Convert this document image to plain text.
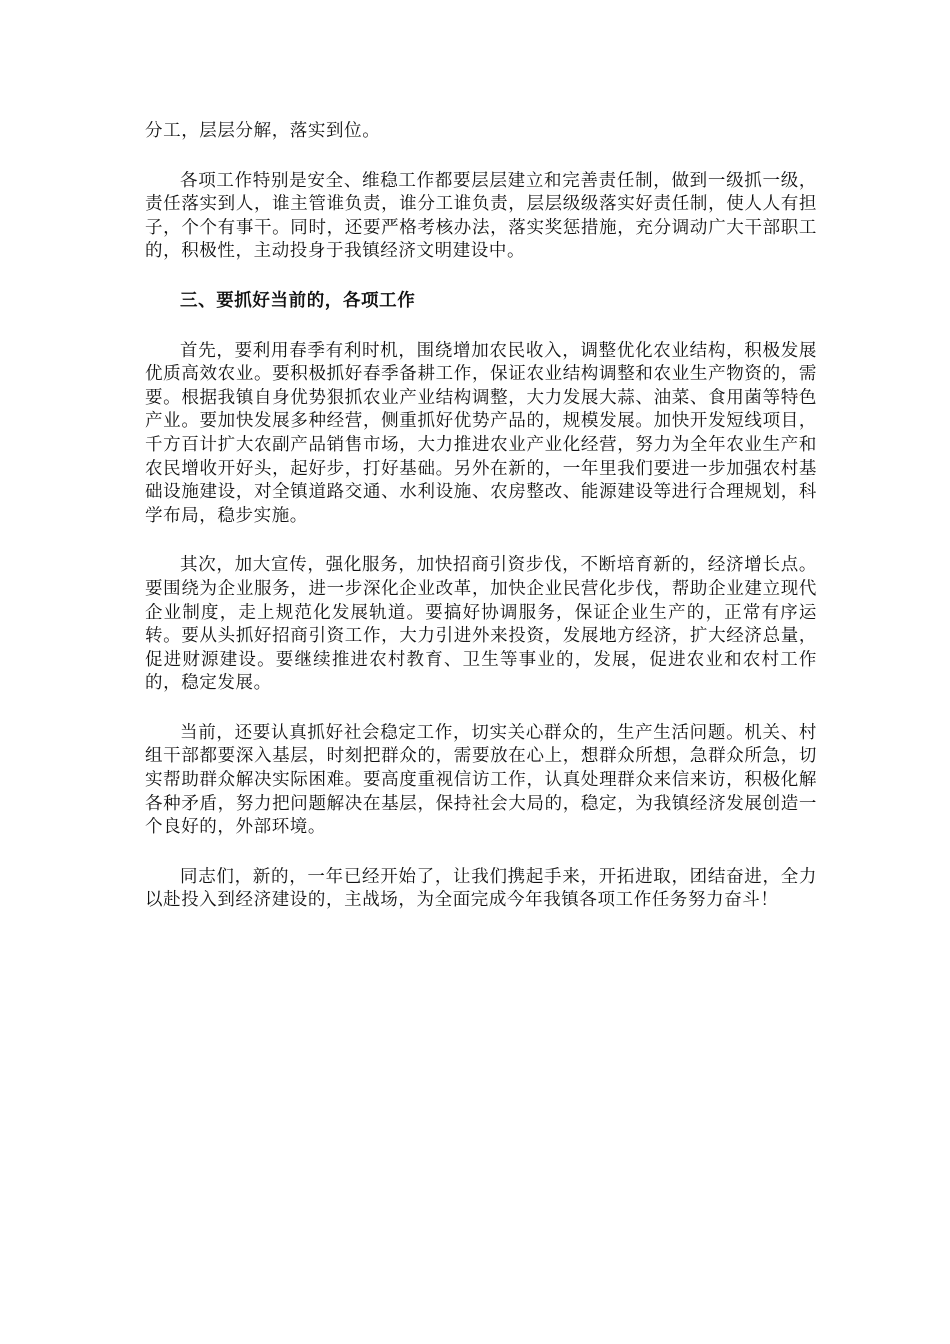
分工，层层分解，落实到位。

各项工作特别是安全、维稳工作都要层层建立和完善责任制，做到一级抓一级，责任落实到人，谁主管谁负责，谁分工谁负责，层层级级落实好责任制，使人人有担子，个个有事干。同时，还要严格考核办法，落实奖惩措施，充分调动广大干部职工的，积极性，主动投身于我镇经济文明建设中。

三、要抓好当前的，各项工作

首先，要利用春季有利时机，围绕增加农民收入，调整优化农业结构，积极发展优质高效农业。要积极抓好春季备耕工作，保证农业结构调整和农业生产物资的，需要。根据我镇自身优势狠抓农业产业结构调整，大力发展大蒜、油菜、食用菌等特色产业。要加快发展多种经营，侧重抓好优势产品的，规模发展。加快开发短线项目，千方百计扩大农副产品销售市场，大力推进农业产业化经营，努力为全年农业生产和农民增收开好头，起好步，打好基础。另外在新的，一年里我们要进一步加强农村基础设施建设，对全镇道路交通、水利设施、农房整改、能源建设等进行合理规划，科学布局，稳步实施。

其次，加大宣传，强化服务，加快招商引资步伐，不断培育新的，经济增长点。要围绕为企业服务，进一步深化企业改革，加快企业民营化步伐，帮助企业建立现代企业制度，走上规范化发展轨道。要搞好协调服务，保证企业生产的，正常有序运转。要从头抓好招商引资工作，大力引进外来投资，发展地方经济，扩大经济总量，促进财源建设。要继续推进农村教育、卫生等事业的，发展，促进农业和农村工作的，稳定发展。

当前，还要认真抓好社会稳定工作，切实关心群众的，生产生活问题。机关、村组干部都要深入基层，时刻把群众的，需要放在心上，想群众所想，急群众所急，切实帮助群众解决实际困难。要高度重视信访工作，认真处理群众来信来访，积极化解各种矛盾，努力把问题解决在基层，保持社会大局的，稳定，为我镇经济发展创造一个良好的，外部环境。

同志们，新的，一年已经开始了，让我们携起手来，开拓进取，团结奋进，全力以赴投入到经济建设的，主战场，为全面完成今年我镇各项工作任务努力奋斗！
